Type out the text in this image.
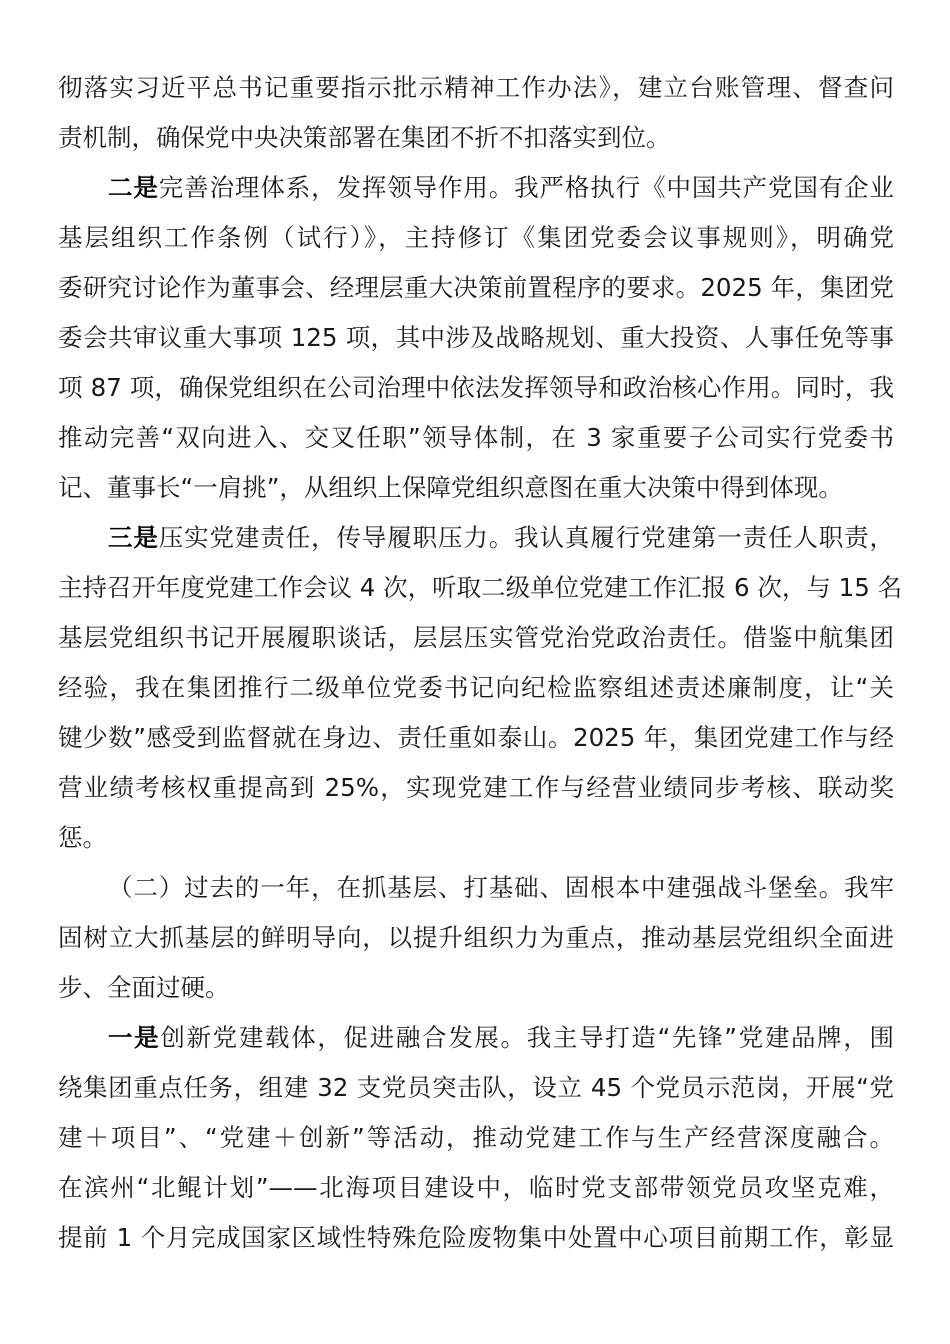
彻落实习近平总书记重要指示批示精神工作办法》，建立台账管理、督查问
责机制，确保党中央决策部署在集团不折不扣落实到位。
二是完善治理体系，发挥领导作用。我严格执行《中国共产党国有企业
基层组织工作条例（试行）》，主持修订《集团党委会议事规则》，明确党
委研究讨论作为董事会、经理层重大决策前置程序的要求。2025 年，集团党
委会共审议重大事项 125 项，其中涉及战略规划、重大投资、人事任免等事
项 87 项，确保党组织在公司治理中依法发挥领导和政治核心作用。同时，我
推动完善“双向进入、交叉任职”领导体制，在 3 家重要子公司实行党委书
记、董事长“一肩挑”，从组织上保障党组织意图在重大决策中得到体现。
三是压实党建责任，传导履职压力。我认真履行党建第一责任人职责，
主持召开年度党建工作会议 4 次，听取二级单位党建工作汇报 6 次，与 15 名
基层党组织书记开展履职谈话，层层压实管党治党政治责任。借鉴中航集团
经验，我在集团推行二级单位党委书记向纪检监察组述责述廉制度，让“关
键少数”感受到监督就在身边、责任重如泰山。2025 年，集团党建工作与经
营业绩考核权重提高到 25%，实现党建工作与经营业绩同步考核、联动奖
惩。
（二）过去的一年，在抓基层、打基础、固根本中建强战斗堡垒。我牢
固树立大抓基层的鲜明导向，以提升组织力为重点，推动基层党组织全面进
步、全面过硬。
一是创新党建载体，促进融合发展。我主导打造“先锋”党建品牌，围
绕集团重点任务，组建 32 支党员突击队，设立 45 个党员示范岗，开展“党
建＋项目”、“党建＋创新”等活动，推动党建工作与生产经营深度融合。
在滨州“北鲲计划”——北海项目建设中，临时党支部带领党员攻坚克难，
提前 1 个月完成国家区域性特殊危险废物集中处置中心项目前期工作，彰显
